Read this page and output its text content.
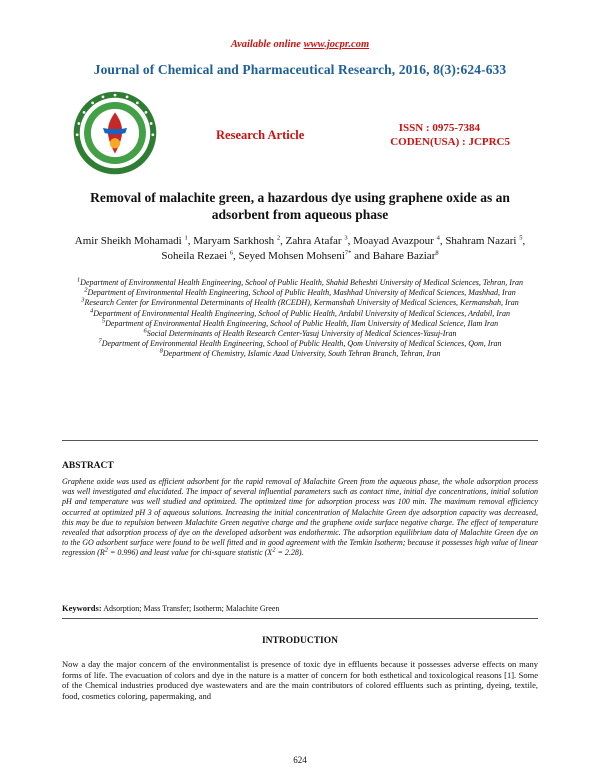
Available online www.jocpr.com
Journal of Chemical and Pharmaceutical Research, 2016, 8(3):624-633
Research Article	ISSN : 0975-7384
CODEN(USA) : JCPRC5
Removal of malachite green, a hazardous dye using graphene oxide as an
adsorbent from aqueous phase
Amir Sheikh Mohamadi $^1$, Maryam Sarkhosh $^2$, Zahra Atafar $^3$, Moayad Avazpour $^4$, Shahram Nazari $^5$, Soheila Rezaei $^6$, Seyed Mohsen Mohseni$^{7*}$ and Bahare Baziar$^8$
$^1$Department of Environmental Health Engineering, School of Public Health, Shahid Beheshti University of Medical Sciences, Tehran, Iran
$^2$Department of Environmental Health Engineering, School of Public Health, Mashhad University of Medical Sciences, Mashhad, Iran
$^3$Research Center for Environmental Determinants of Health (RCEDH), Kermanshah University of Medical Sciences, Kermanshah, Iran
$^4$Department of Environmental Health Engineering, School of Public Health, Ardabil University of Medical Sciences, Ardabil, Iran
$^5$Department of Environmental Health Engineering, School of Public Health, Ilam University of Medical Science, Ilam Iran
$^6$Social Determinants of Health Research Center-Yasuj University of Medical Sciences-Yasuj-Iran
$^7$Department of Environmental Health Engineering, School of Public Health, Qom University of Medical Sciences, Qom, Iran
$^8$Department of Chemistry, Islamic Azad University, South Tehran Branch, Tehran, Iran
ABSTRACT
Graphene oxide was used as efficient adsorbent for the rapid removal of Malachite Green from the aqueous phase, the whole adsorption process was well investigated and elucidated. The impact of several influential parameters such as contact time, initial dye concentrations, initial solution pH and temperature was well studied and optimized. The optimized time for adsorption process was 100 min. The maximum removal efficiency occurred at optimized pH 3 of aqueous solutions. Increasing the initial concentration of Malachite Green dye adsorption capacity was decreased, this may be due to repulsion between Malachite Green negative charge and the graphene oxide surface negative charge. The effect of temperature revealed that adsorption process of dye on the developed adsorbent was endothermic. The adsorption equilibrium data of Malachite Green dye on to the GO adsorbent surface were found to be well fitted and in good agreement with the Temkin Isotherm; because it possesses high value of linear regression $(R^2 = 0.996)$ and least value for chi-square statistic $(X^2 = 2.28)$.
Keywords: Adsorption; Mass Transfer; Isotherm; Malachite Green
INTRODUCTION
Now a day the major concern of the environmentalist is presence of toxic dye in effluents because it possesses adverse effects on many forms of life. The evacuation of colors and dye in the nature is a matter of concern for both esthetical and toxicological reasons [1]. Some of the Chemical industries produced dye wastewaters and are the main contributors of colored effluents such as printing, dyeing, textile, food, cosmetics coloring, papermaking, and
624
